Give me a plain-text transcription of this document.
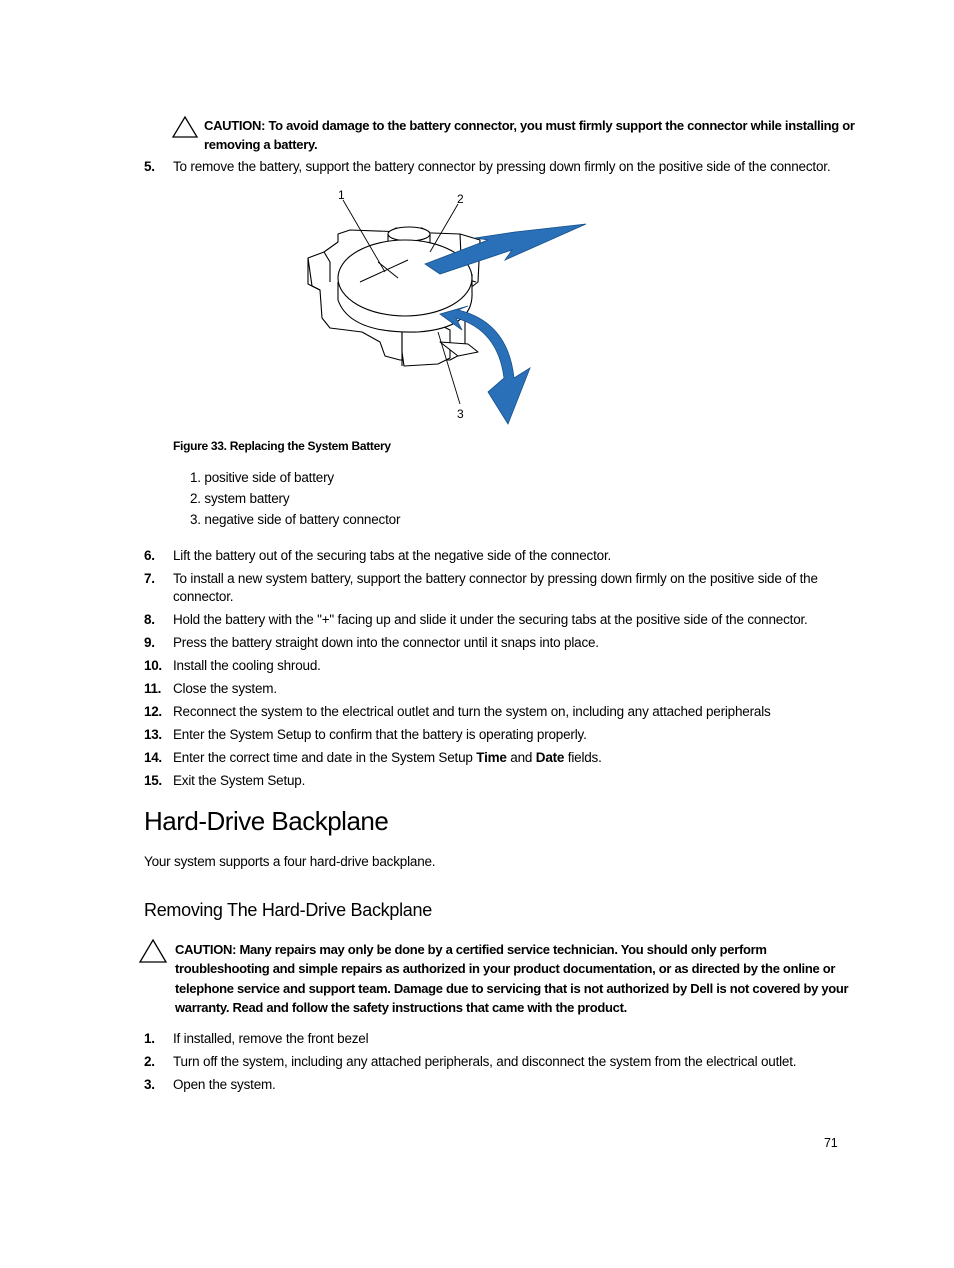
CAUTION: To avoid damage to the battery connector, you must firmly support the connector while installing or
removing a battery.
5. To remove the battery, support the battery connector by pressing down firmly on the positive side of the connector.
1	2
3
Figure 33. Replacing the System Battery
1. positive side of battery
2. system battery
3. negative side of battery connector
6. Lift the battery out of the securing tabs at the negative side of the connector.
7. To install a new system battery, support the battery connector by pressing down firmly on the positive side of the
connector.
8. Hold the battery with the "+" facing up and slide it under the securing tabs at the positive side of the connector.
9. Press the battery straight down into the connector until it snaps into place.
10. Install the cooling shroud.
11. Close the system.
12. Reconnect the system to the electrical outlet and turn the system on, including any attached peripherals
13. Enter the System Setup to confirm that the battery is operating properly.
14. Enter the correct time and date in the System Setup Time and Date fields.
15. Exit the System Setup.
Hard-Drive Backplane
Your system supports a four hard-drive backplane.
Removing The Hard-Drive Backplane
CAUTION: Many repairs may only be done by a certified service technician. You should only perform
troubleshooting and simple repairs as authorized in your product documentation, or as directed by the online or
telephone service and support team. Damage due to servicing that is not authorized by Dell is not covered by your
warranty. Read and follow the safety instructions that came with the product.
1. If installed, remove the front bezel
2. Turn off the system, including any attached peripherals, and disconnect the system from the electrical outlet.
3. Open the system.
71
